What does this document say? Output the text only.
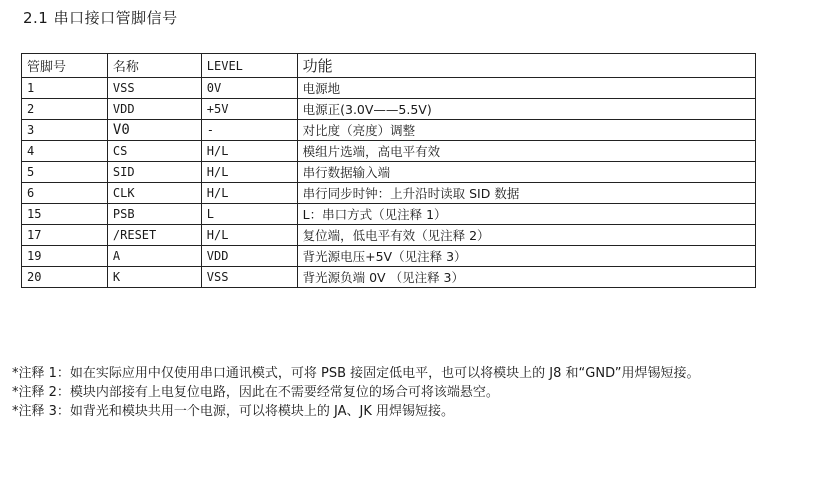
2.1 串口接口管脚信号
管脚号	名称	LEVEL	功能
1	VSS	0V	电源地
2	VDD	+5V	电源正(3.0V——5.5V)
3	V0	-	对比度（亮度）调整
4	CS	H/L	模组片选端，高电平有效
5	SID	H/L	串行数据输入端
6	CLK	H/L	串行同步时钟：上升沿时读取 SID 数据
15	PSB	L	L：串口方式（见注释 1）
17	/RESET	H/L	复位端，低电平有效（见注释 2）
19	A	VDD	背光源电压+5V（见注释 3）
20	K	VSS	背光源负端 0V （见注释 3）
*注释 1：如在实际应用中仅使用串口通讯模式，可将 PSB 接固定低电平，也可以将模块上的 J8 和“GND”用焊锡短接。
*注释 2：模块内部接有上电复位电路，因此在不需要经常复位的场合可将该端悬空。
*注释 3：如背光和模块共用一个电源，可以将模块上的 JA、JK 用焊锡短接。
